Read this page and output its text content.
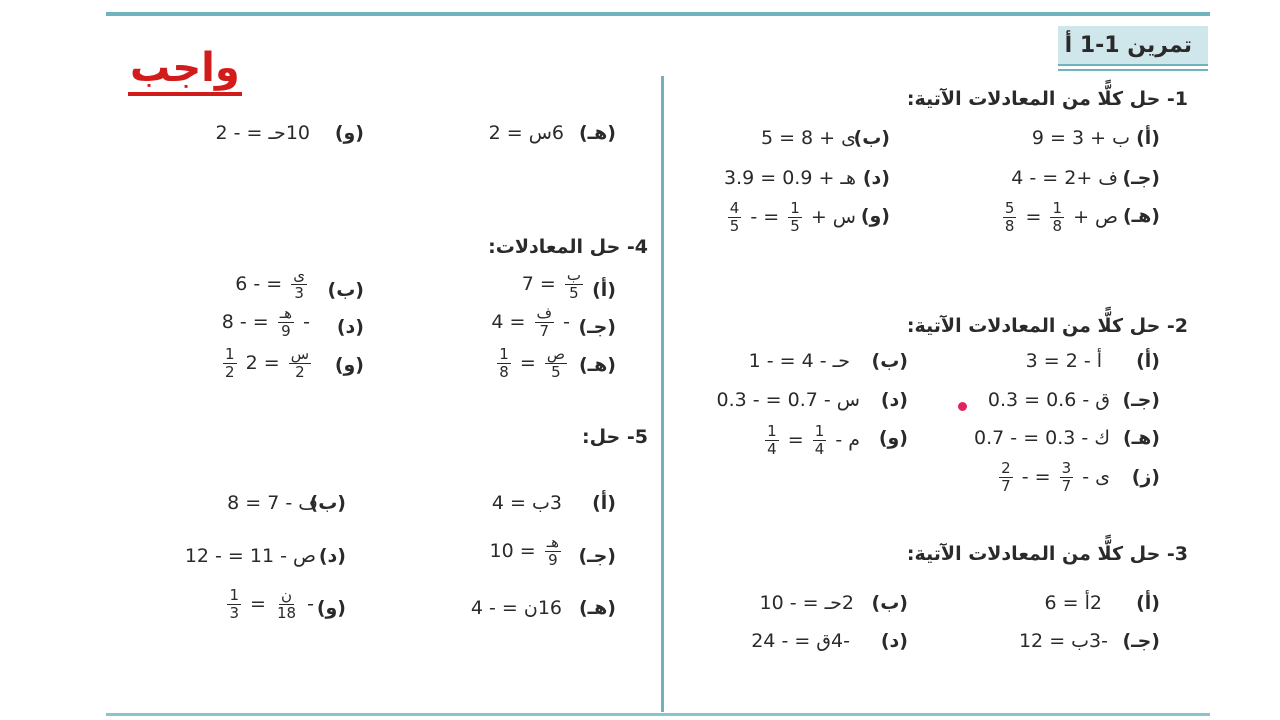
تمرين 1-1 أ
واجب
1- حل كلًّا من المعادلات الآتية:
(أ)
ب + 3 = 9
(ب)
ى + 8 = 5
(جـ)
ف +2 = - 4
(د)
هـ + 0.9 = 3.9
(هـ)
ص +
$\frac{1}{8}$
=
$\frac{5}{8}$
(و)
س +
$\frac{1}{5}$
= -
$\frac{4}{5}$
2- حل كلًّا من المعادلات الآتية:
(أ)
أ - 2 = 3
(ب)
حـ - 4 = - 1
(جـ)
ق - 0.6 = 0.3
(د)
س - 0.7 = - 0.3
(هـ)
ك - 0.3 = - 0.7
(و)
م -
$\frac{1}{4}$
=
$\frac{1}{4}$
(ز)
ى -
$\frac{3}{7}$
= -
$\frac{2}{7}$
3- حل كلًّا من المعادلات الآتية:
(أ)
2أ = 6
(ب)
2حـ = - 10
(جـ)
-3ب = 12
(د)
-4ق = - 24
(هـ)
6س = 2
(و)
10حـ = - 2
4- حل المعادلات:
(أ)
$\frac{\text{ب}}{5}$
= 7
(ب)
$\frac{\text{ى}}{3}$
= - 6
(جـ)
-
$\frac{\text{ف}}{7}$
= 4
(د)
-
$\frac{\text{هـ}}{9}$
= - 8
(هـ)
$\frac{\text{ص}}{5}$
=
$\frac{1}{8}$
(و)
$\frac{\text{س}}{2}$
= 2
$\frac{1}{2}$
5- حل:
(أ)
3ب = 4
(ب)
ف - 7 = 8
(جـ)
$\frac{\text{هـ}}{9}$
= 10
(د)
ص - 11 = - 12
(هـ)
16ن = - 4
(و)
-
$\frac{\text{ن}}{18}$
=
$\frac{1}{3}$
